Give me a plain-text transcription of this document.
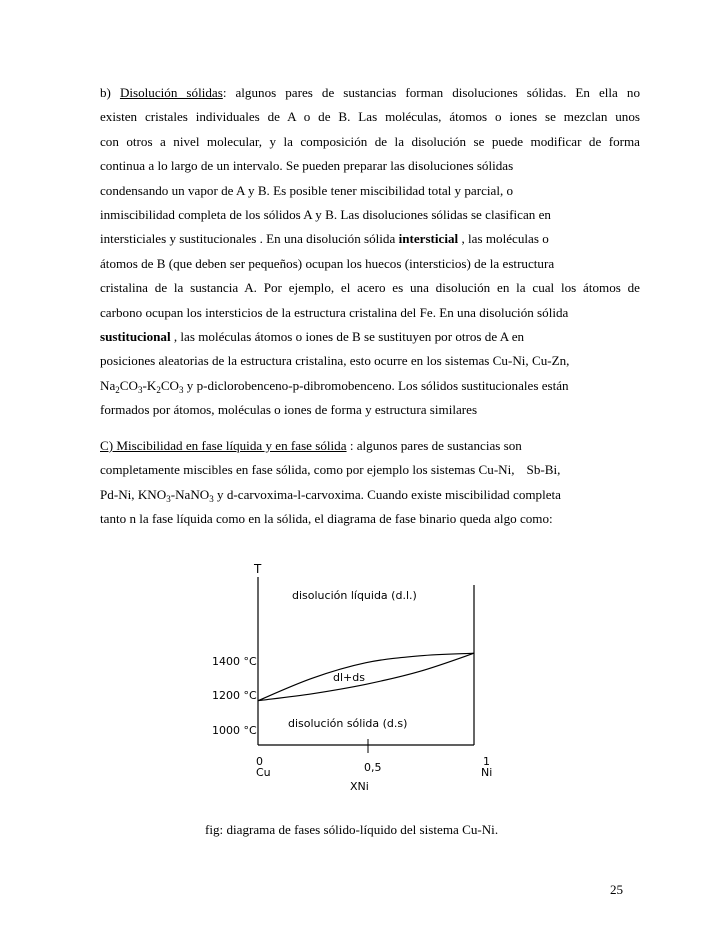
b) Disolución sólidas: algunos pares de sustancias forman disoluciones sólidas. En ella no
existen cristales individuales de A o de B. Las moléculas, átomos o iones se mezclan unos
con otros a nivel molecular, y la composición de la disolución se puede modificar de forma
continua a lo largo de un intervalo. Se pueden preparar las disoluciones sólidas
condensando un vapor de A y B. Es posible tener miscibilidad total y parcial, o
inmiscibilidad completa de los sólidos A y B. Las disoluciones sólidas se clasifican en
intersticiales y sustitucionales . En una disolución sólida intersticial , las moléculas o
átomos de B (que deben ser pequeños) ocupan los huecos (intersticios) de la estructura
cristalina de la sustancia A. Por ejemplo, el acero es una disolución en la cual los átomos de
carbono ocupan los intersticios de la estructura cristalina del Fe. En una disolución sólida
sustitucional , las moléculas átomos o iones de B se sustituyen por otros de A en
posiciones aleatorias de la estructura cristalina, esto ocurre en los sistemas Cu-Ni, Cu-Zn,
$Na_2CO_3-K_2CO_3$ y p-diclorobenceno-p-dibromobenceno. Los sólidos sustitucionales están
formados por átomos, moléculas o iones de forma y estructura similares
C) Miscibilidad en fase líquida y en fase sólida : algunos pares de sustancias son
completamente miscibles en fase sólida, como por ejemplo los sistemas Cu-Ni, Sb-Bi,
Pd-Ni, $KNO_3-NaNO_3$ y d-carvoxima-l-carvoxima. Cuando existe miscibilidad completa
tanto n la fase líquida como en la sólida, el diagrama de fase binario queda algo como:
T
1400 °C
1200 °C
1000 °C
0
Cu	0,5	1
Ni
XNi
disolución líquida (d.l.)
dl+ds
disolución sólida (d.s)
fig: diagrama de fases sólido-líquido del sistema Cu-Ni.
25
